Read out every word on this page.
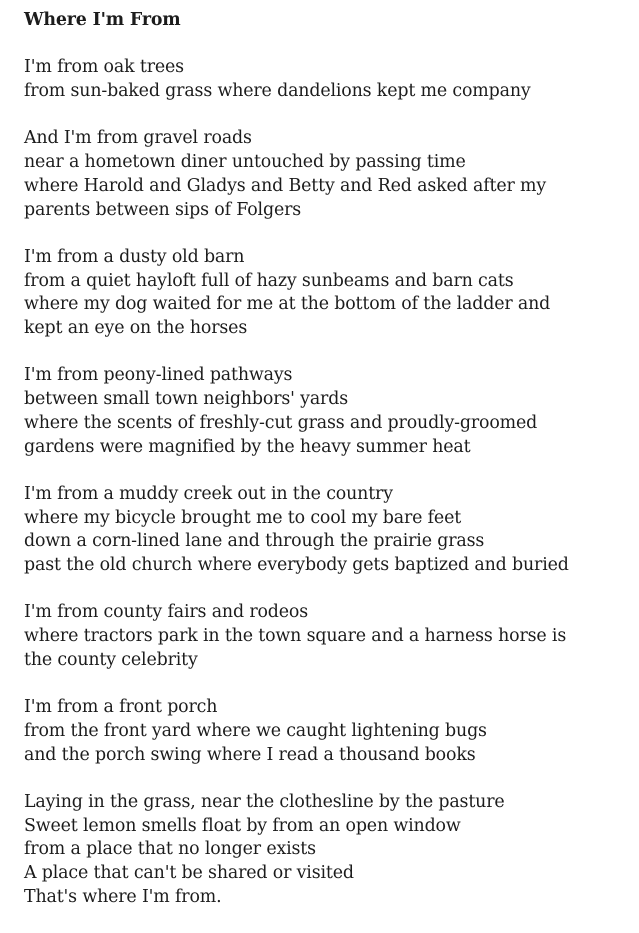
Where I'm From
I'm from oak trees
from sun-baked grass where dandelions kept me company
And I'm from gravel roads
near a hometown diner untouched by passing time
where Harold and Gladys and Betty and Red asked after my
parents between sips of Folgers
I'm from a dusty old barn
from a quiet hayloft full of hazy sunbeams and barn cats
where my dog waited for me at the bottom of the ladder and
kept an eye on the horses
I'm from peony-lined pathways
between small town neighbors' yards
where the scents of freshly-cut grass and proudly-groomed
gardens were magnified by the heavy summer heat
I'm from a muddy creek out in the country
where my bicycle brought me to cool my bare feet
down a corn-lined lane and through the prairie grass
past the old church where everybody gets baptized and buried
I'm from county fairs and rodeos
where tractors park in the town square and a harness horse is
the county celebrity
I'm from a front porch
from the front yard where we caught lightening bugs
and the porch swing where I read a thousand books
Laying in the grass, near the clothesline by the pasture
Sweet lemon smells float by from an open window
from a place that no longer exists
A place that can't be shared or visited
That's where I'm from.
